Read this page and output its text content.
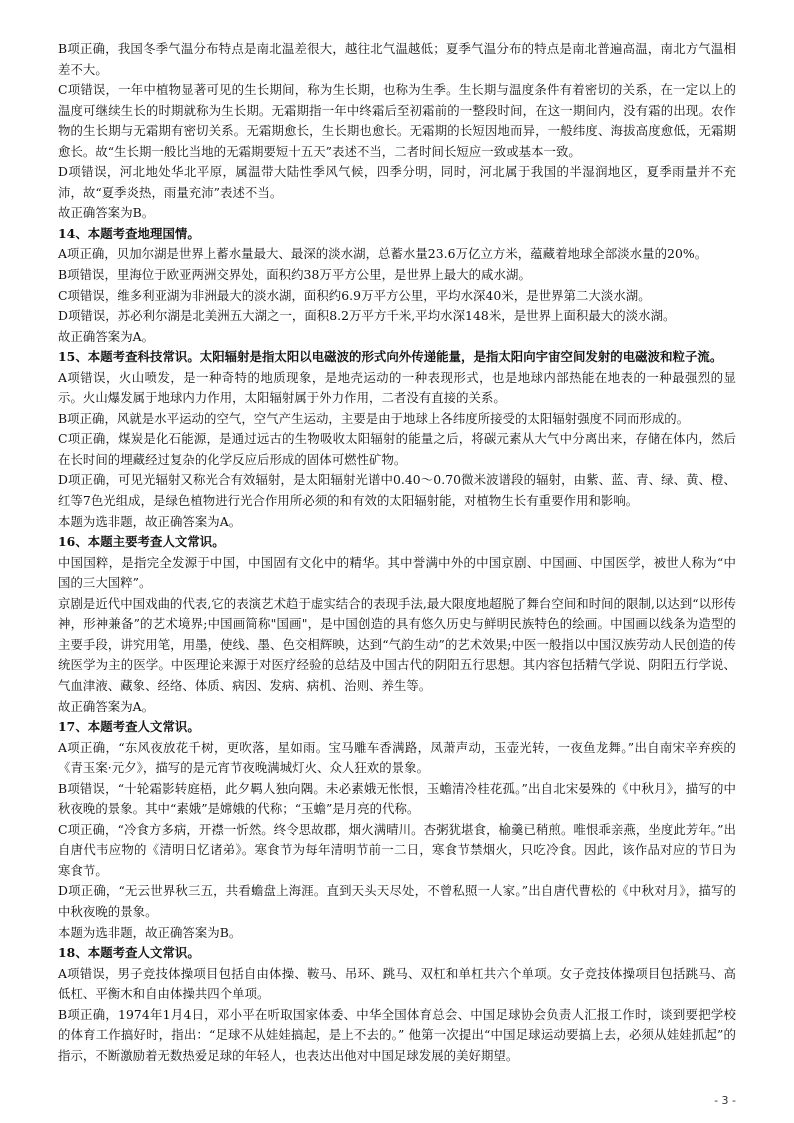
B项正确，我国冬季气温分布特点是南北温差很大，越往北气温越低；夏季气温分布的特点是南北普遍高温，南北方气温相差不大。

C项错误，一年中植物显著可见的生长期间，称为生长期，也称为生季。生长期与温度条件有着密切的关系，在一定以上的温度可继续生长的时期就称为生长期。无霜期指一年中终霜后至初霜前的一整段时间，在这一期间内，没有霜的出现。农作物的生长期与无霜期有密切关系。无霜期愈长，生长期也愈长。无霜期的长短因地而异，一般纬度、海拔高度愈低，无霜期愈长。故“生长期一般比当地的无霜期要短十五天”表述不当，二者时间长短应一致或基本一致。

D项错误，河北地处华北平原，属温带大陆性季风气候，四季分明，同时，河北属于我国的半湿润地区，夏季雨量并不充沛，故“夏季炎热，雨量充沛”表述不当。

故正确答案为B。

14、本题考查地理国情。

A项正确，贝加尔湖是世界上蓄水量最大、最深的淡水湖，总蓄水量23.6万亿立方米，蕴藏着地球全部淡水量的20%。

B项错误，里海位于欧亚两洲交界处，面积约38万平方公里，是世界上最大的咸水湖。

C项错误，维多利亚湖为非洲最大的淡水湖，面积约6.9万平方公里，平均水深40米，是世界第二大淡水湖。

D项错误，苏必利尔湖是北美洲五大湖之一，面积8.2万平方千米,平均水深148米，是世界上面积最大的淡水湖。

故正确答案为A。

15、本题考查科技常识。太阳辐射是指太阳以电磁波的形式向外传递能量，是指太阳向宇宙空间发射的电磁波和粒子流。

A项错误，火山喷发，是一种奇特的地质现象，是地壳运动的一种表现形式，也是地球内部热能在地表的一种最强烈的显示。火山爆发属于地球内力作用，太阳辐射属于外力作用，二者没有直接的关系。

B项正确，风就是水平运动的空气，空气产生运动，主要是由于地球上各纬度所接受的太阳辐射强度不同而形成的。

C项正确，煤炭是化石能源，是通过远古的生物吸收太阳辐射的能量之后，将碳元素从大气中分离出来，存储在体内，然后在长时间的埋藏经过复杂的化学反应后形成的固体可燃性矿物。

D项正确，可见光辐射又称光合有效辐射，是太阳辐射光谱中0.40～0.70微米波谱段的辐射，由紫、蓝、青、绿、黄、橙、红等7色光组成，是绿色植物进行光合作用所必须的和有效的太阳辐射能，对植物生长有重要作用和影响。

本题为选非题，故正确答案为A。

16、本题主要考查人文常识。

中国国粹，是指完全发源于中国，中国固有文化中的精华。其中誉满中外的中国京剧、中国画、中国医学，被世人称为“中国的三大国粹”。

京剧是近代中国戏曲的代表,它的表演艺术趋于虚实结合的表现手法,最大限度地超脱了舞台空间和时间的限制,以达到“以形传神，形神兼备”的艺术境界;中国画简称"国画"，是中国创造的具有悠久历史与鲜明民族特色的绘画。中国画以线条为造型的主要手段，讲究用笔，用墨，使线、墨、色交相辉映，达到“气韵生动”的艺术效果;中医一般指以中国汉族劳动人民创造的传统医学为主的医学。中医理论来源于对医疗经验的总结及中国古代的阴阳五行思想。其内容包括精气学说、阴阳五行学说、气血津液、藏象、经络、体质、病因、发病、病机、治则、养生等。

故正确答案为A。

17、本题考查人文常识。

A项正确，“东风夜放花千树，更吹落，星如雨。宝马雕车香满路，凤萧声动，玉壶光转，一夜鱼龙舞。”出自南宋辛弃疾的《青玉案·元夕》，描写的是元宵节夜晚满城灯火、众人狂欢的景象。

B项错误，“十轮霜影转庭梧，此夕羁人独向隅。未必素娥无怅恨，玉蟾清冷桂花孤。”出自北宋晏殊的《中秋月》，描写的中秋夜晚的景象。其中“素娥”是嫦娥的代称；“玉蟾”是月亮的代称。

C项正确，“冷食方多病，开襟一忻然。终令思故郡，烟火满晴川。杏粥犹堪食，榆羹已稍煎。唯恨乖亲燕，坐度此芳年。”出自唐代韦应物的《清明日忆诸弟》。寒食节为每年清明节前一二日，寒食节禁烟火，只吃冷食。因此，该作品对应的节日为寒食节。

D项正确，“无云世界秋三五，共看蟾盘上海涯。直到天头天尽处，不曾私照一人家。”出自唐代曹松的《中秋对月》，描写的中秋夜晚的景象。

本题为选非题，故正确答案为B。

18、本题考查人文常识。

A项错误，男子竞技体操项目包括自由体操、鞍马、吊环、跳马、双杠和单杠共六个单项。女子竞技体操项目包括跳马、高低杠、平衡木和自由体操共四个单项。

B项正确，1974年1月4日，邓小平在听取国家体委、中华全国体育总会、中国足球协会负责人汇报工作时，谈到要把学校的体育工作搞好时，指出：“足球不从娃娃搞起，是上不去的。” 他第一次提出“中国足球运动要搞上去，必须从娃娃抓起”的指示，不断激励着无数热爱足球的年轻人，也表达出他对中国足球发展的美好期望。

- 3 -
